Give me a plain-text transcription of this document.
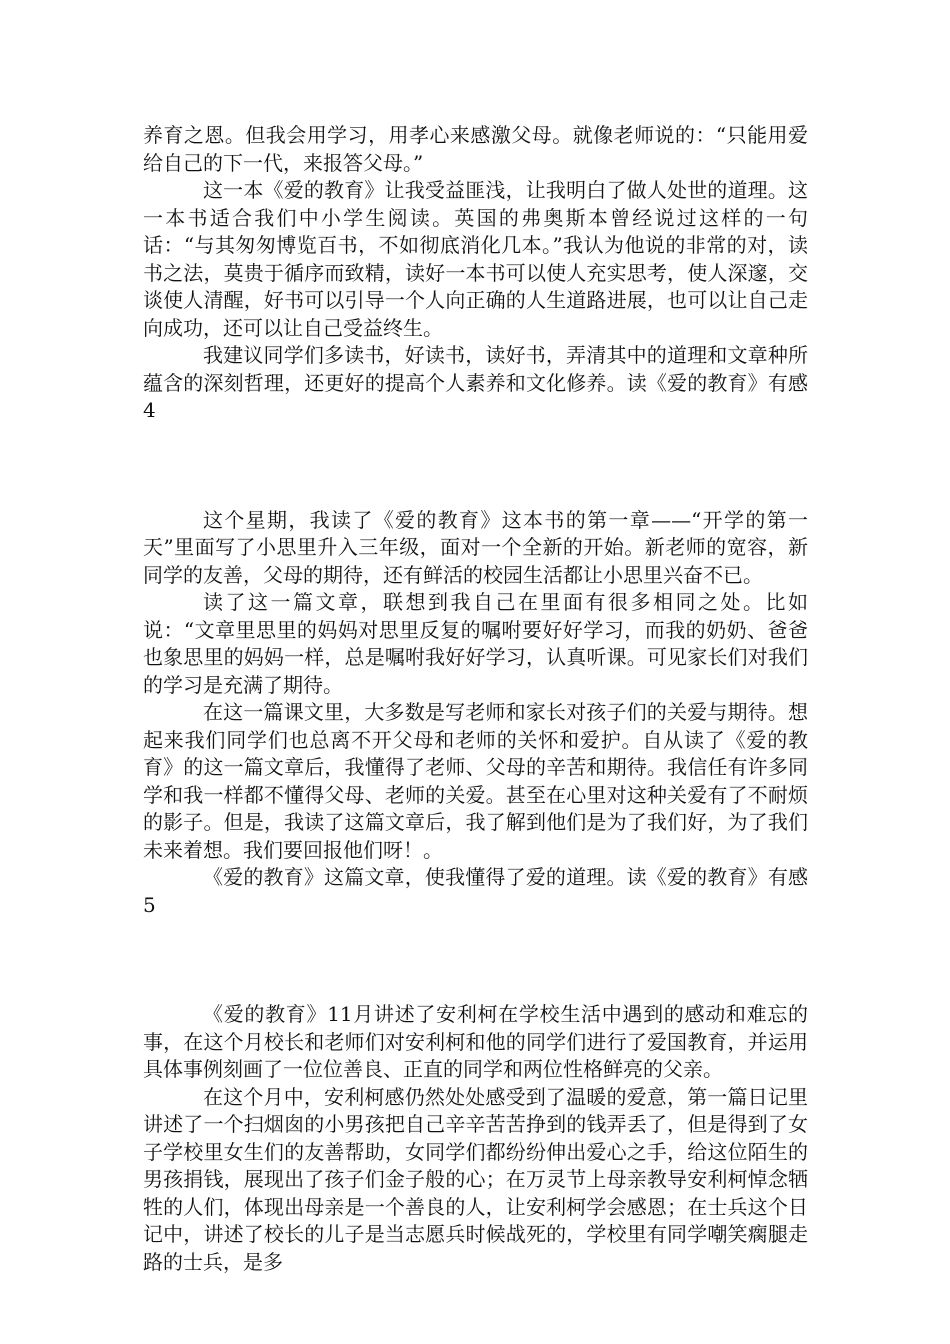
养育之恩。但我会用学习，用孝心来感激父母。就像老师说的：“只能用爱给自己的下一代，来报答父母。”

这一本《爱的教育》让我受益匪浅，让我明白了做人处世的道理。这一本书适合我们中小学生阅读。英国的弗奥斯本曾经说过这样的一句话：“与其匆匆博览百书，不如彻底消化几本。”我认为他说的非常的对，读书之法，莫贵于循序而致精，读好一本书可以使人充实思考，使人深邃，交谈使人清醒，好书可以引导一个人向正确的人生道路进展，也可以让自己走向成功，还可以让自己受益终生。

我建议同学们多读书，好读书，读好书，弄清其中的道理和文章种所蕴含的深刻哲理，还更好的提高个人素养和文化修养。读《爱的教育》有感4

这个星期，我读了《爱的教育》这本书的第一章——“开学的第一天”里面写了小思里升入三年级，面对一个全新的开始。新老师的宽容，新同学的友善，父母的期待，还有鲜活的校园生活都让小思里兴奋不已。

读了这一篇文章，联想到我自己在里面有很多相同之处。比如说：“文章里思里的妈妈对思里反复的嘱咐要好好学习，而我的奶奶、爸爸也象思里的妈妈一样，总是嘱咐我好好学习，认真听课。可见家长们对我们的学习是充满了期待。

在这一篇课文里，大多数是写老师和家长对孩子们的关爱与期待。想起来我们同学们也总离不开父母和老师的关怀和爱护。自从读了《爱的教育》的这一篇文章后，我懂得了老师、父母的辛苦和期待。我信任有许多同学和我一样都不懂得父母、老师的关爱。甚至在心里对这种关爱有了不耐烦的影子。但是，我读了这篇文章后，我了解到他们是为了我们好，为了我们未来着想。我们要回报他们呀！。

《爱的教育》这篇文章，使我懂得了爱的道理。读《爱的教育》有感5

《爱的教育》11月讲述了安利柯在学校生活中遇到的感动和难忘的事，在这个月校长和老师们对安利柯和他的同学们进行了爱国教育，并运用具体事例刻画了一位位善良、正直的同学和两位性格鲜亮的父亲。

在这个月中，安利柯感仍然处处感受到了温暖的爱意，第一篇日记里讲述了一个扫烟囱的小男孩把自己辛辛苦苦挣到的钱弄丢了，但是得到了女子学校里女生们的友善帮助，女同学们都纷纷伸出爱心之手，给这位陌生的男孩捐钱，展现出了孩子们金子般的心；在万灵节上母亲教导安利柯悼念牺牲的人们，体现出母亲是一个善良的人，让安利柯学会感恩；在士兵这个日记中，讲述了校长的儿子是当志愿兵时候战死的，学校里有同学嘲笑瘸腿走路的士兵，是多
